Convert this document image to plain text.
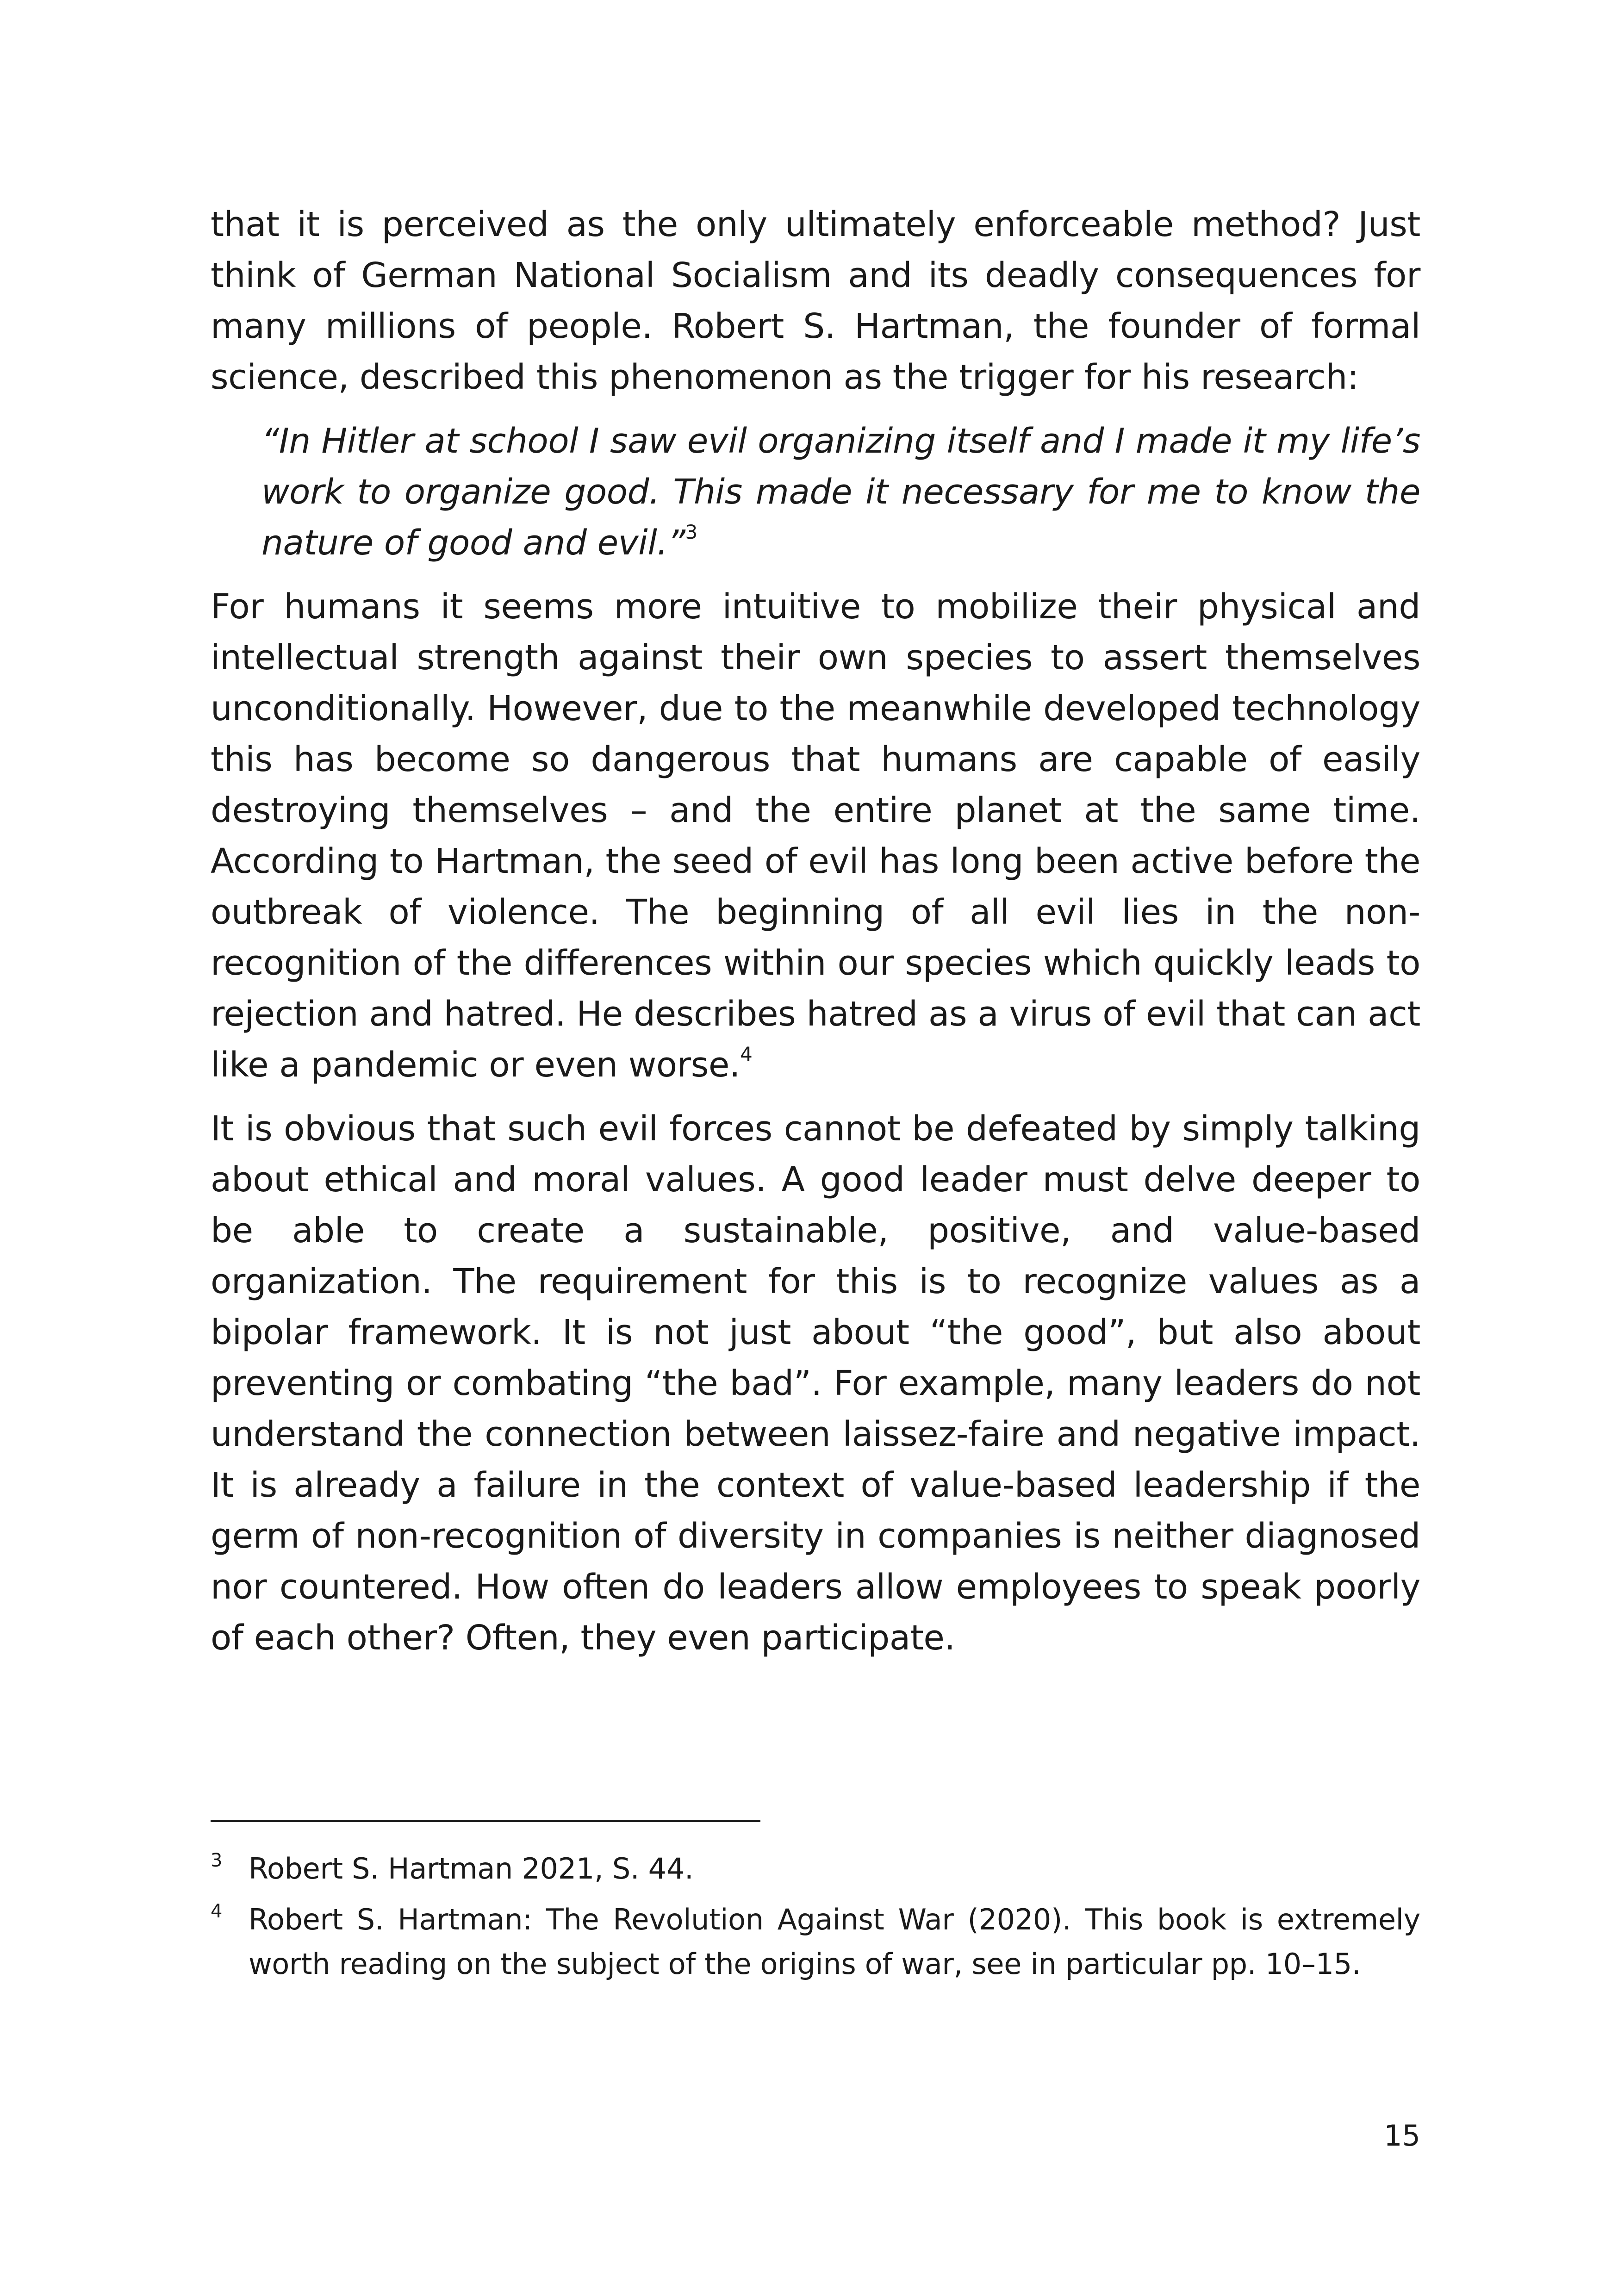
that it is perceived as the only ultimately enforceable method? Just think of German National Socialism and its deadly consequences for many millions of people. Robert S. Hartman, the founder of formal science, described this phenomenon as the trigger for his research:

“In Hitler at school I saw evil organizing itself and I made it my life’s work to organize good. This made it necessary for me to know the nature of good and evil.”$^3$

For humans it seems more intuitive to mobilize their physical and intellectual strength against their own species to assert themselves unconditionally. However, due to the meanwhile developed technology this has become so dangerous that humans are capable of easily destroying themselves – and the entire planet at the same time. According to Hartman, the seed of evil has long been active before the outbreak of violence. The beginning of all evil lies in the non-recognition of the differences within our species which quickly leads to rejection and hatred. He describes hatred as a virus of evil that can act like a pandemic or even worse.$^4$

It is obvious that such evil forces cannot be defeated by simply talking about ethical and moral values. A good leader must delve deeper to be able to create a sustainable, positive, and value-based organization. The requirement for this is to recognize values as a bipolar framework. It is not just about “the good”, but also about preventing or combating “the bad”. For example, many leaders do not understand the connection between laissez-faire and negative impact. It is already a failure in the context of value-based leadership if the germ of non-recognition of diversity in companies is neither diagnosed nor countered. How often do leaders allow employees to speak poorly of each other? Often, they even participate.

3 Robert S. Hartman 2021, S. 44.
4 Robert S. Hartman: The Revolution Against War (2020). This book is extremely worth reading on the subject of the origins of war, see in particular pp. 10–15.
15
